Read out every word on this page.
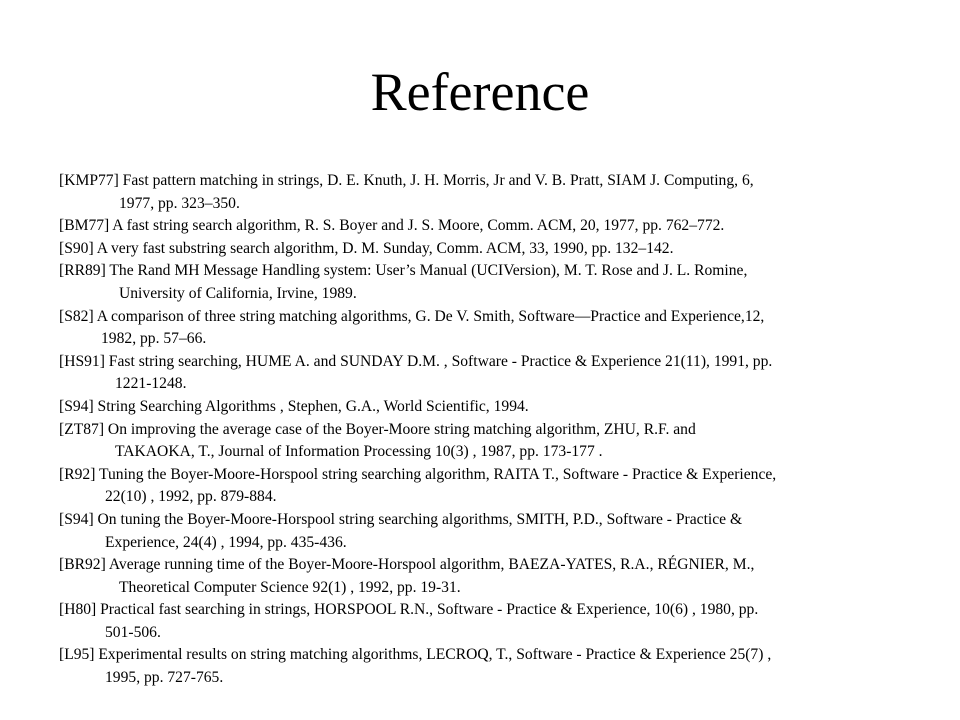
Reference
[KMP77] Fast pattern matching in strings, D. E. Knuth, J. H. Morris, Jr and V. B. Pratt, SIAM J. Computing, 6,
1977, pp. 323–350.
[BM77] A fast string search algorithm, R. S. Boyer and J. S. Moore, Comm. ACM, 20, 1977, pp. 762–772.
[S90] A very fast substring search algorithm, D. M. Sunday, Comm. ACM, 33, 1990, pp. 132–142.
[RR89] The Rand MH Message Handling system: User’s Manual (UCIVersion), M. T. Rose and J. L. Romine,
University of California, Irvine, 1989.
[S82] A comparison of three string matching algorithms, G. De V. Smith, Software—Practice and Experience,12,
1982, pp. 57–66.
[HS91] Fast string searching, HUME A. and SUNDAY D.M. , Software - Practice & Experience 21(11), 1991, pp.
1221-1248.
[S94] String Searching Algorithms , Stephen, G.A., World Scientific, 1994.
[ZT87] On improving the average case of the Boyer-Moore string matching algorithm, ZHU, R.F. and
TAKAOKA, T., Journal of Information Processing 10(3) , 1987, pp. 173-177 .
[R92] Tuning the Boyer-Moore-Horspool string searching algorithm, RAITA T., Software - Practice & Experience,
22(10) , 1992, pp. 879-884.
[S94] On tuning the Boyer-Moore-Horspool string searching algorithms, SMITH, P.D., Software - Practice &
Experience, 24(4) , 1994, pp. 435-436.
[BR92] Average running time of the Boyer-Moore-Horspool algorithm, BAEZA-YATES, R.A., RÉGNIER, M.,
Theoretical Computer Science 92(1) , 1992, pp. 19-31.
[H80] Practical fast searching in strings, HORSPOOL R.N., Software - Practice & Experience, 10(6) , 1980, pp.
501-506.
[L95] Experimental results on string matching algorithms, LECROQ, T., Software - Practice & Experience 25(7) ,
1995, pp. 727-765.
